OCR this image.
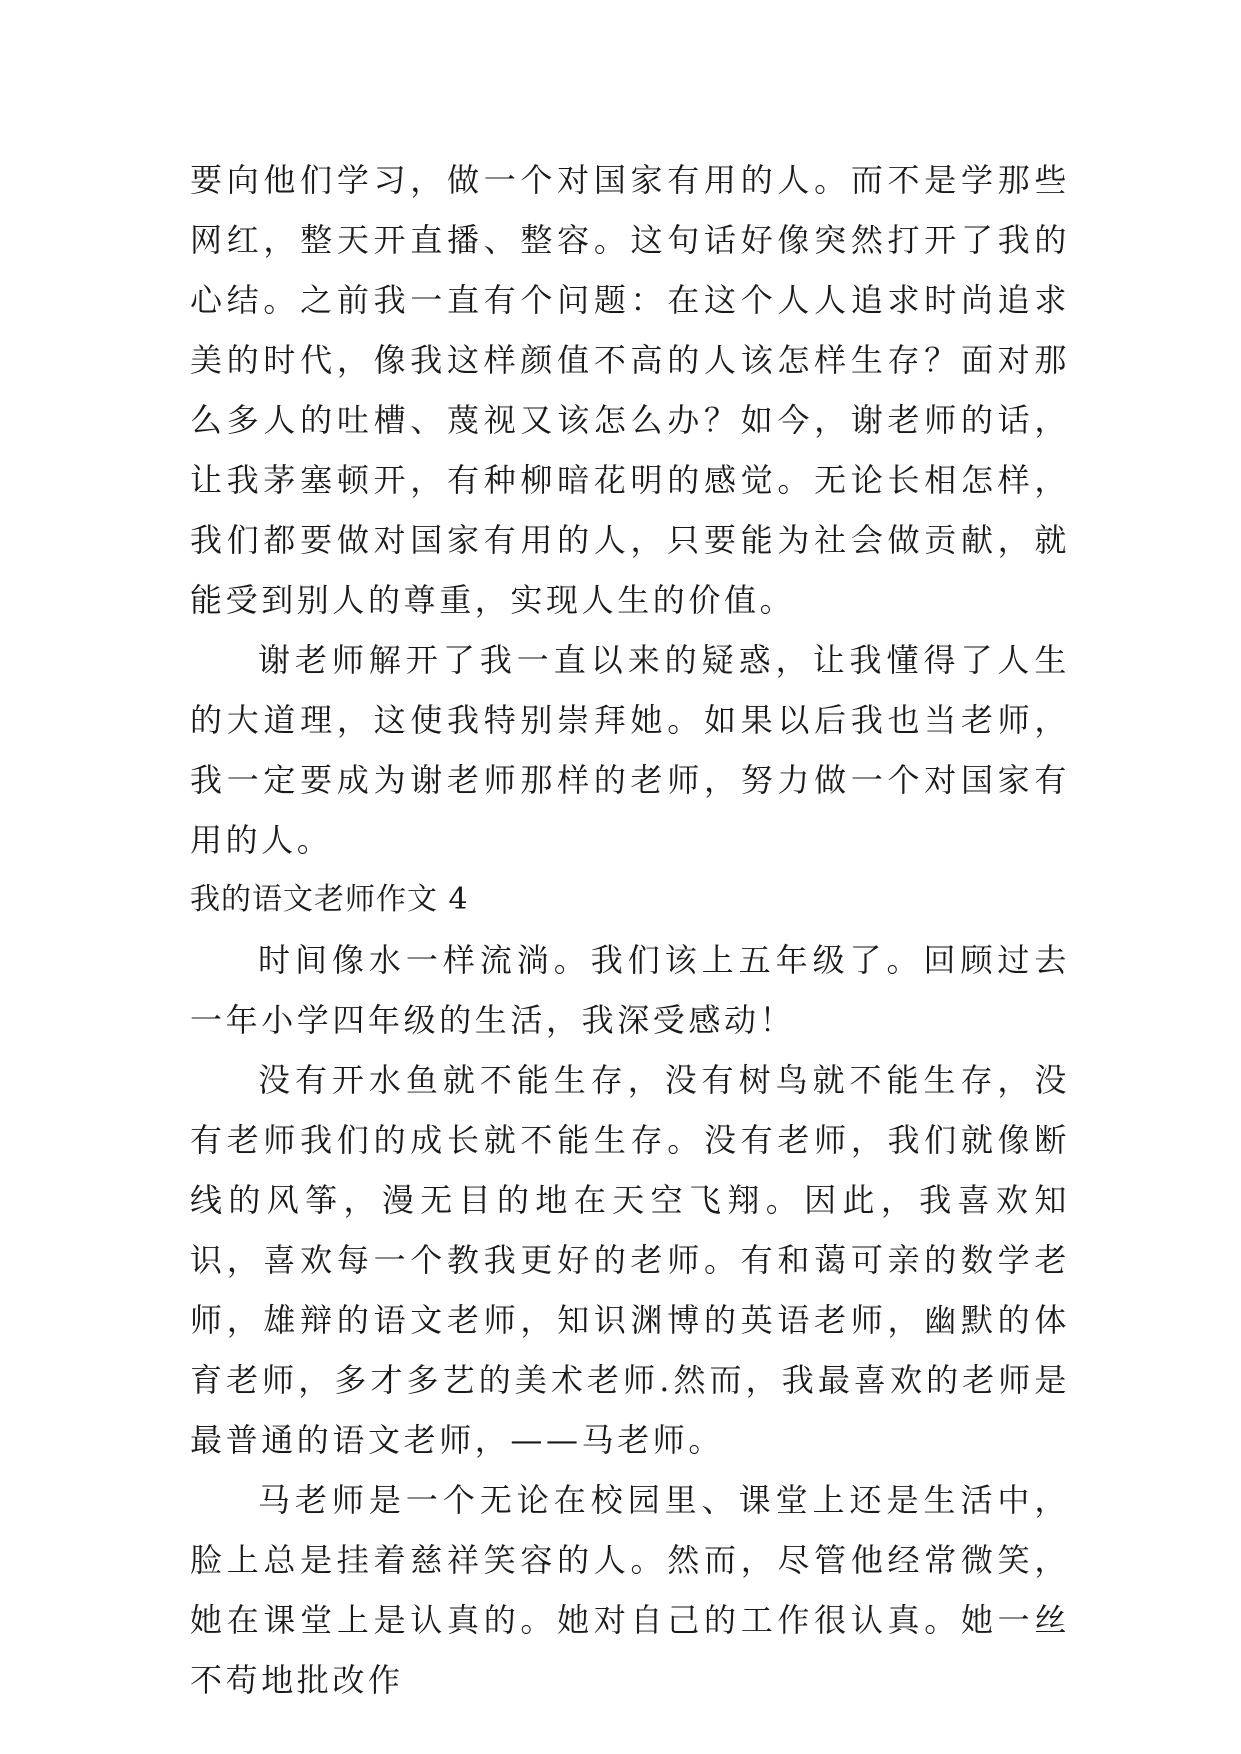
要向他们学习，做一个对国家有用的人。而不是学那些网红，整天开直播、整容。这句话好像突然打开了我的心结。之前我一直有个问题：在这个人人追求时尚追求美的时代，像我这样颜值不高的人该怎样生存？面对那么多人的吐槽、蔑视又该怎么办？如今，谢老师的话，让我茅塞顿开，有种柳暗花明的感觉。无论长相怎样，我们都要做对国家有用的人，只要能为社会做贡献，就能受到别人的尊重，实现人生的价值。

谢老师解开了我一直以来的疑惑，让我懂得了人生的大道理，这使我特别崇拜她。如果以后我也当老师，我一定要成为谢老师那样的老师，努力做一个对国家有用的人。

我的语文老师作文 4

时间像水一样流淌。我们该上五年级了。回顾过去一年小学四年级的生活，我深受感动！

没有开水鱼就不能生存，没有树鸟就不能生存，没有老师我们的成长就不能生存。没有老师，我们就像断线的风筝，漫无目的地在天空飞翔。因此，我喜欢知识，喜欢每一个教我更好的老师。有和蔼可亲的数学老师，雄辩的语文老师，知识渊博的英语老师，幽默的体育老师，多才多艺的美术老师.然而，我最喜欢的老师是最普通的语文老师，——马老师。

马老师是一个无论在校园里、课堂上还是生活中，脸上总是挂着慈祥笑容的人。然而，尽管他经常微笑，她在课堂上是认真的。她对自己的工作很认真。她一丝不苟地批改作
